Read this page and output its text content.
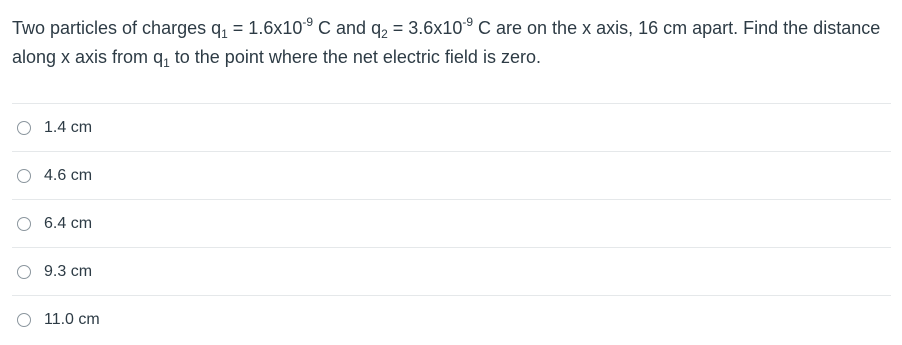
Two particles of charges $q_1 = 1.6x10^{-9}$ C and $q_2 = 3.6x10^{-9}$ C are on the x axis, 16 cm apart. Find the distance along x axis from $q_1$ to the point where the net electric field is zero.
1.4 cm
4.6 cm
6.4 cm
9.3 cm
11.0 cm
